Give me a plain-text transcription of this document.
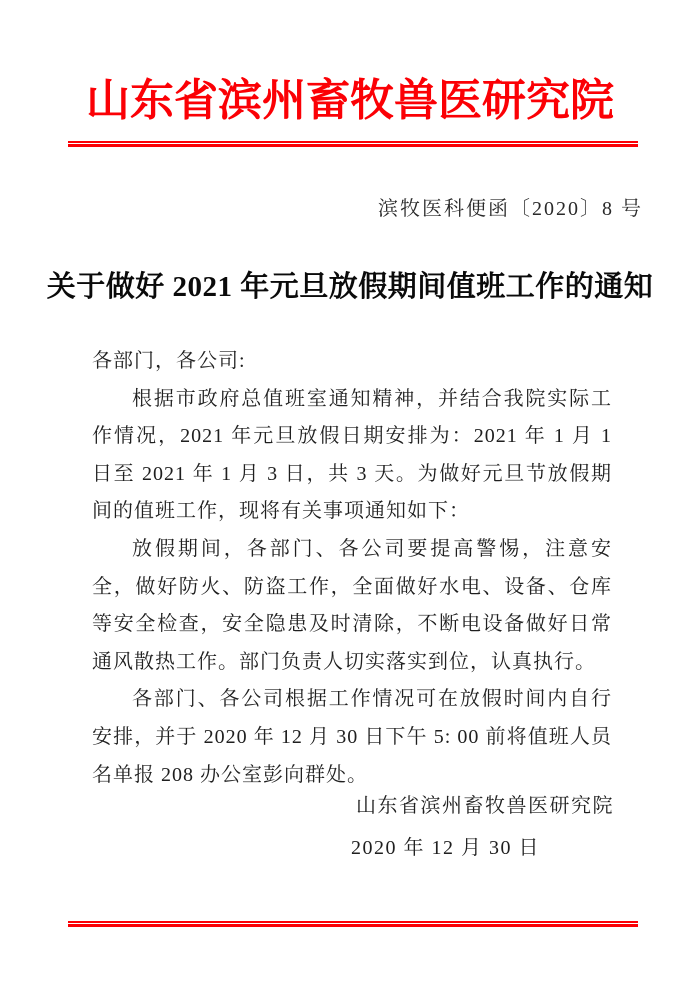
山东省滨州畜牧兽医研究院
滨牧医科便函〔2020〕8 号
关于做好 2021 年元旦放假期间值班工作的通知

各部门，各公司:

根据市政府总值班室通知精神，并结合我院实际工作情况，2021 年元旦放假日期安排为：2021 年 1 月 1 日至 2021 年 1 月 3 日，共 3 天。为做好元旦节放假期间的值班工作，现将有关事项通知如下：

放假期间，各部门、各公司要提高警惕，注意安全，做好防火、防盗工作，全面做好水电、设备、仓库等安全检查，安全隐患及时清除，不断电设备做好日常通风散热工作。部门负责人切实落实到位，认真执行。

各部门、各公司根据工作情况可在放假时间内自行安排，并于 2020 年 12 月 30 日下午 5: 00 前将值班人员名单报 208 办公室彭向群处。

山东省滨州畜牧兽医研究院
2020 年 12 月 30 日
